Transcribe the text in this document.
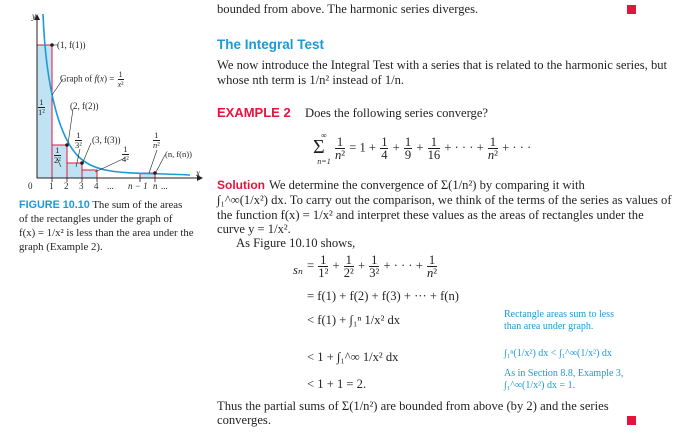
bounded from above. The harmonic series diverges.
The Integral Test
We now introduce the Integral Test with a series that is related to the harmonic series, but
whose nth term is 1/n² instead of 1/n.
EXAMPLE 2 Does the following series converge?
∞
Σ
n=1
$\frac{1}{\text{n²}} = 1 + \frac{1}{4} + \frac{1}{9} + \frac{1}{16}$ + · · · + $\frac{1}{\text{n²}}$ + · · ·
Solution We determine the convergence of Σ(1/n²) by comparing it with
∫₁^∞(1/x²) dx. To carry out the comparison, we think of the terms of the series as values of
the function f(x) = 1/x² and interpret these values as the areas of rectangles under the
curve y = 1/x².
As Figure 10.10 shows,
$s_n = \frac{1}{\text{1²}} + \frac{1}{\text{2²}} + \frac{1}{\text{3²}}$ + · · · + $\frac{1}{\text{n²}}$
= f(1) + f(2) + f(3) + ··· + f(n)
< f(1) + ∫₁ⁿ 1/x² dx
< 1 + ∫₁^∞ 1/x² dx
< 1 + 1 = 2.
Rectangle areas sum to less
than area under graph.
∫₁ⁿ(1/x²) dx < ∫₁^∞(1/x²) dx
As in Section 8.8, Example 3,
∫₁^∞(1/x²) dx = 1.
Thus the partial sums of Σ(1/n²) are bounded from above (by 2) and the series
converges.
FIGURE 10.10 The sum of the areas
of the rectangles under the graph of
f(x) = 1/x² is less than the area under the
graph (Example 2).
y
x
(1, f(1))
Graph of $f(x) = \frac{1}{\text{x²}}$
(2, f(2))
(3, f(3))
(n, f(n))
$\frac{1}{\text{1²}}$
$\frac{1}{\text{2²}}$
$\frac{1}{\text{3²}}$
$\frac{1}{\text{4²}}$
$\frac{1}{\text{n²}}$
0 1 2 3 4 ... n − 1 n ...
